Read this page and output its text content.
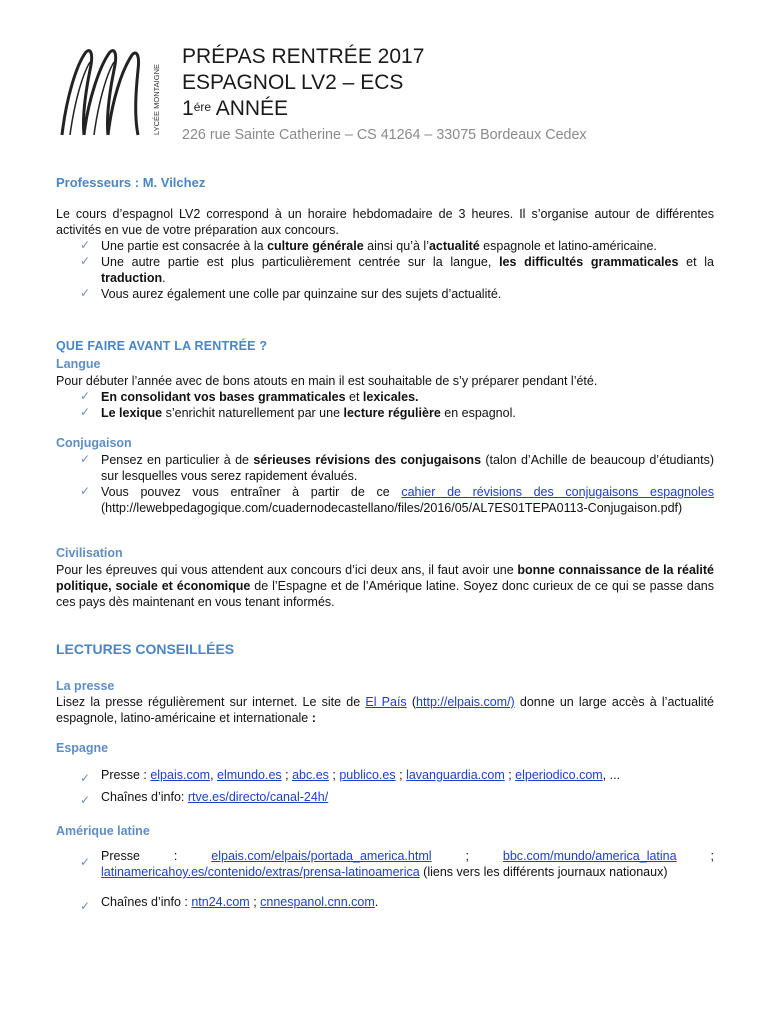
LYCÉE MONTAIGNE
PRÉPAS RENTRÉE 2017
ESPAGNOL LV2 – ECS
$1^{ére}$ ANNÉE
226 rue Sainte Catherine – CS 41264 – 33075 Bordeaux Cedex
Professeurs : M. Vilchez
Le cours d’espagnol LV2 correspond à un horaire hebdomadaire de 3 heures. Il s’organise autour de différentes activités en vue de votre préparation aux concours.
✓ Une partie est consacrée à la culture générale ainsi qu’à l’actualité espagnole et latino-américaine.
✓ Une autre partie est plus particulièrement centrée sur la langue, les difficultés grammaticales et la traduction.
✓ Vous aurez également une colle par quinzaine sur des sujets d’actualité.
QUE FAIRE AVANT LA RENTRÉE ?
Langue
Pour débuter l’année avec de bons atouts en main il est souhaitable de s’y préparer pendant l’été.
✓ En consolidant vos bases grammaticales et lexicales.
✓ Le lexique s’enrichit naturellement par une lecture régulière en espagnol.
Conjugaison
✓ Pensez en particulier à de sérieuses révisions des conjugaisons (talon d’Achille de beaucoup d’étudiants) sur lesquelles vous serez rapidement évalués.
✓ Vous pouvez vous entraîner à partir de ce cahier de révisions des conjugaisons espagnoles (http://lewebpedagogique.com/cuadernodecastellano/files/2016/05/AL7ES01TEPA0113-Conjugaison.pdf)
Civilisation
Pour les épreuves qui vous attendent aux concours d’ici deux ans, il faut avoir une bonne connaissance de la réalité politique, sociale et économique de l’Espagne et de l’Amérique latine. Soyez donc curieux de ce qui se passe dans ces pays dès maintenant en vous tenant informés.
LECTURES CONSEILLÉES
La presse
Lisez la presse régulièrement sur internet. Le site de El País (http://elpais.com/) donne un large accès à l’actualité espagnole, latino-américaine et internationale :
Espagne
✓ Presse : elpais.com, elmundo.es ; abc.es ; publico.es ; lavanguardia.com ; elperiodico.com, ...
✓ Chaînes d’info: rtve.es/directo/canal-24h/
Amérique latine
✓ Presse : elpais.com/elpais/portada_america.html ; bbc.com/mundo/america_latina ; latinamericahoy.es/contenido/extras/prensa-latinoamerica (liens vers les différents journaux nationaux)
✓ Chaînes d’info : ntn24.com ; cnnespanol.cnn.com.
